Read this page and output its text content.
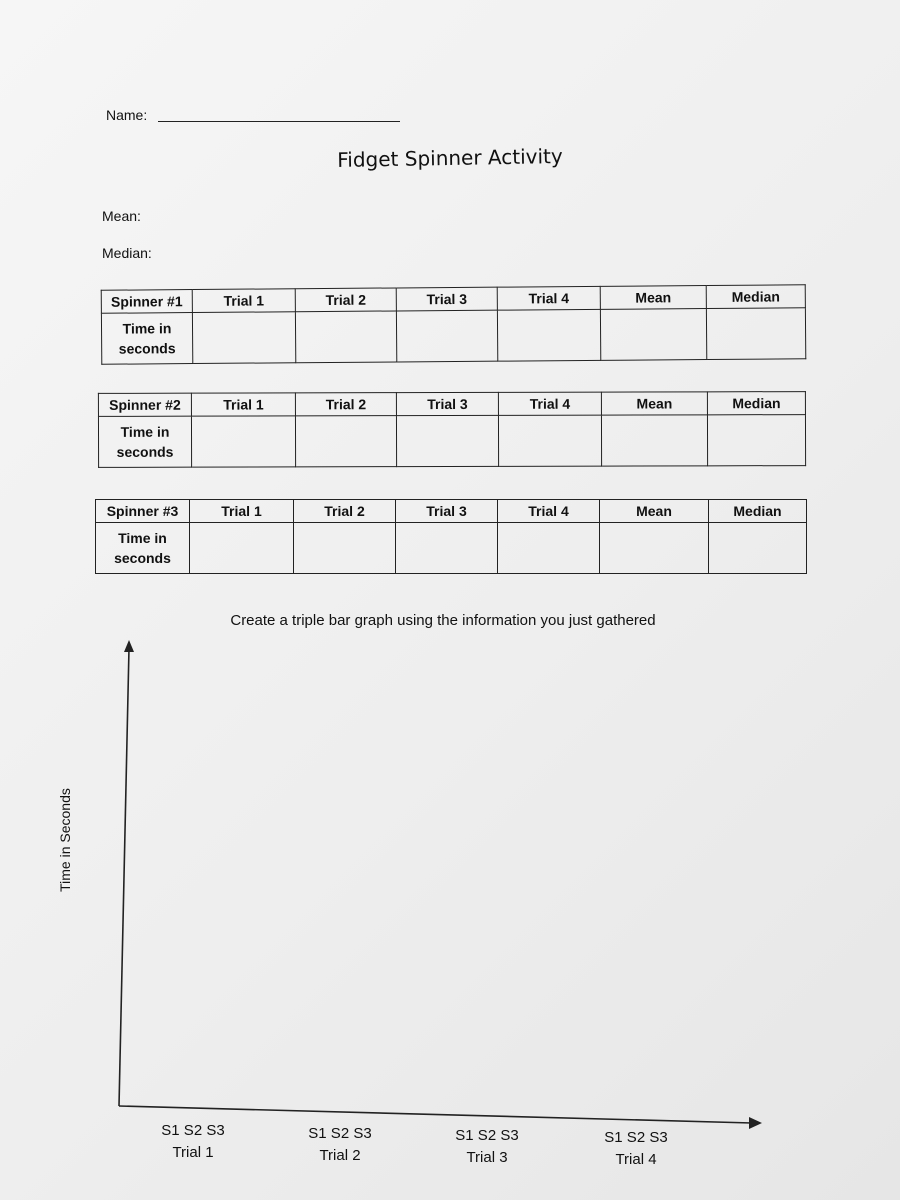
Name:
Fidget Spinner Activity
Mean:
Median:
Spinner #1	Trial 1	Trial 2	Trial 3	Trial 4	Mean	Median
Time in
seconds						
Spinner #2	Trial 1	Trial 2	Trial 3	Trial 4	Mean	Median
Time in
seconds						
Spinner #3	Trial 1	Trial 2	Trial 3	Trial 4	Mean	Median
Time in
seconds						
Create a triple bar graph using the information you just gathered
Time in Seconds
S1 S2 S3
Trial 1
S1 S2 S3
Trial 2
S1 S2 S3
Trial 3
S1 S2 S3
Trial 4
